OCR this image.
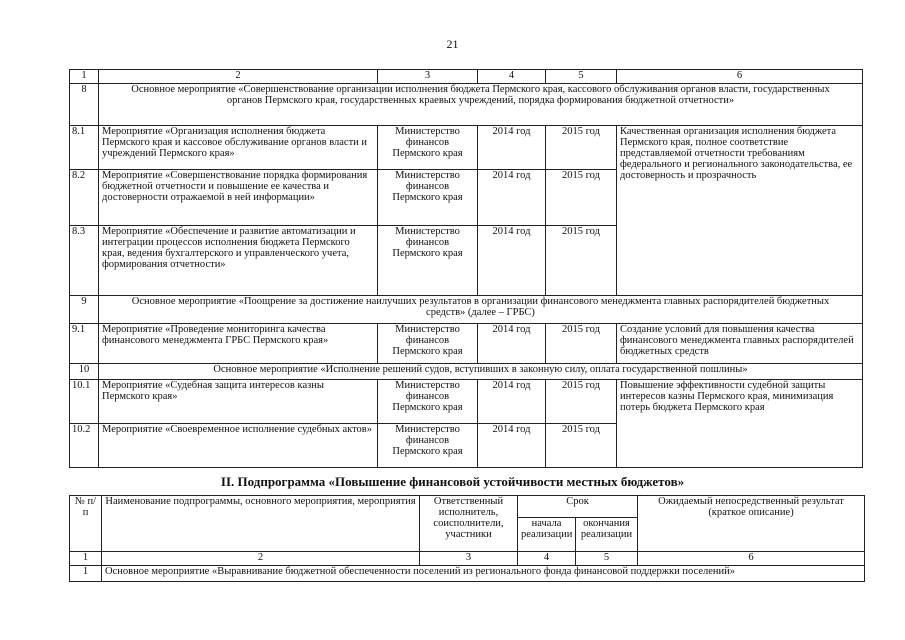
21
1	2	3	4	5	6
8	Основное мероприятие «Совершенствование организации исполнения бюджета Пермского края, кассового обслуживания органов власти, государственных органов Пермского края, государственных краевых учреждений, порядка формирования бюджетной отчетности»				
8.1	Мероприятие «Организация исполнения бюджета Пермского края и кассовое обслуживание органов власти и учреждений Пермского края»	Министерство финансов Пермского края	2014 год	2015 год	Качественная организация исполнения бюджета Пермского края, полное соответствие представляемой отчетности требованиям федерального и регионального законодательства, ее достоверность и прозрачность
8.2	Мероприятие «Совершенствование порядка формирования бюджетной отчетности и повышение ее качества и достоверности отражаемой в ней информации»	Министерство финансов Пермского края	2014 год	2015 год	
8.3	Мероприятие «Обеспечение и развитие автоматизации и интеграции процессов исполнения бюджета Пермского края, ведения бухгалтерского и управленческого учета, формирования отчетности»	Министерство финансов Пермского края	2014 год	2015 год	
9	Основное мероприятие «Поощрение за достижение наилучших результатов в организации финансового менеджмента главных распорядителей бюджетных средств» (далее – ГРБС)				
9.1	Мероприятие «Проведение мониторинга качества финансового менеджмента ГРБС Пермского края»	Министерство финансов Пермского края	2014 год	2015 год	Создание условий для повышения качества финансового менеджмента главных распорядителей бюджетных средств
10	Основное мероприятие «Исполнение решений судов, вступивших в законную силу, оплата государственной пошлины»				
10.1	Мероприятие «Судебная защита интересов казны Пермского края»	Министерство финансов Пермского края	2014 год	2015 год	Повышение эффективности судебной защиты интересов казны Пермского края, минимизация потерь бюджета Пермского края
10.2	Мероприятие «Своевременное исполнение судебных актов»	Министерство финансов Пермского края	2014 год	2015 год	
II. Подпрограмма «Повышение финансовой устойчивости местных бюджетов»
№ п/п	Наименование подпрограммы, основного мероприятия, мероприятия	Ответственный исполнитель, соисполнители, участники	Срок		Ожидаемый непосредственный результат (краткое описание)
			начала реализации	окончания реализации	
1	2	3	4	5	6
1	Основное мероприятие «Выравнивание бюджетной обеспеченности поселений из регионального фонда финансовой поддержки поселений»				
